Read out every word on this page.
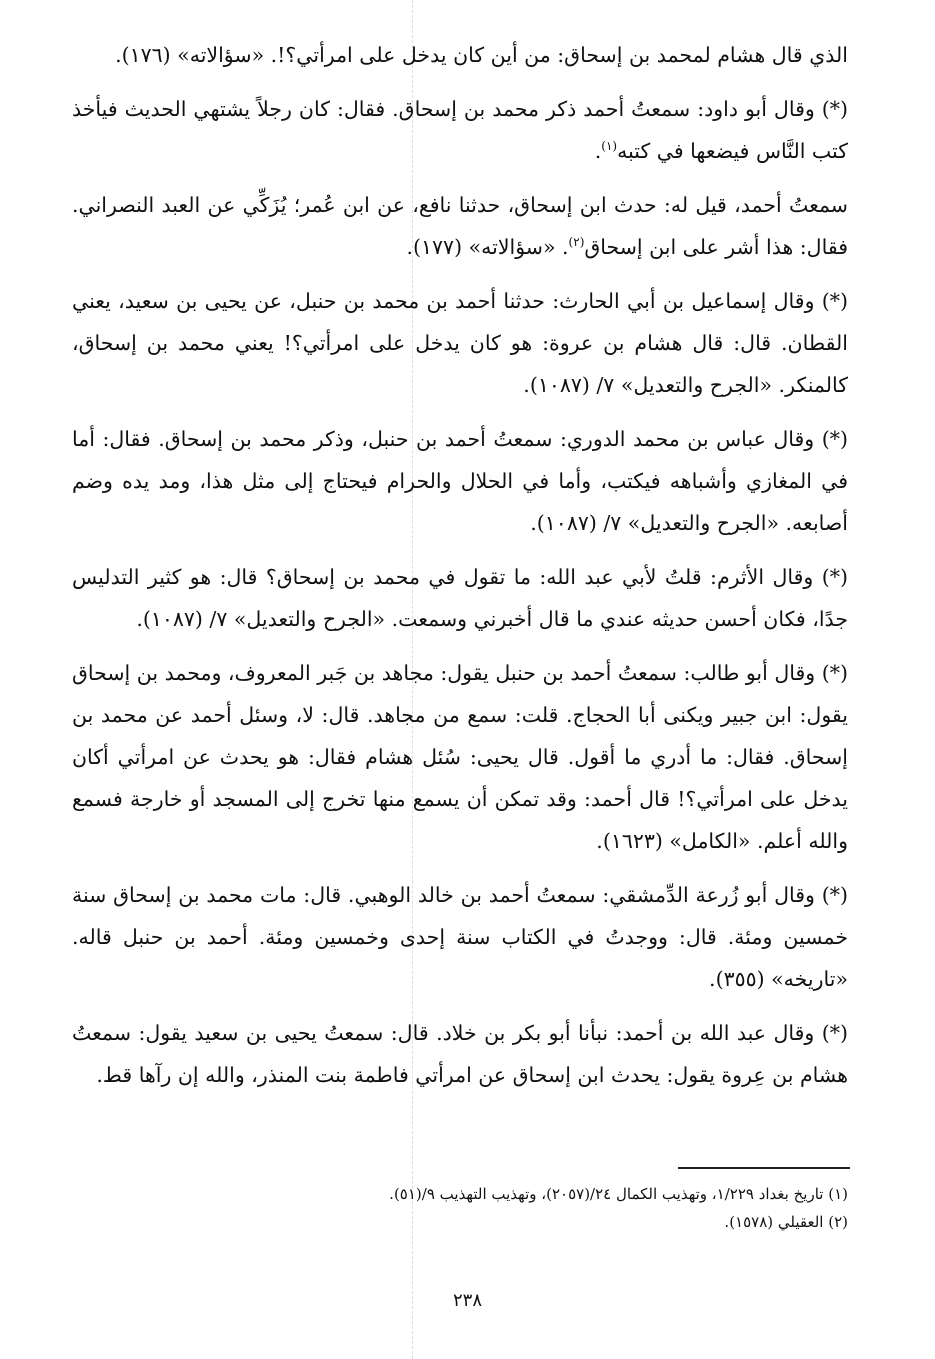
الذي قال هشام لمحمد بن إسحاق: من أين كان يدخل على امرأتي؟!. «سؤالاته» (١٧٦).

(*) وقال أبو داود: سمعتُ أحمد ذكر محمد بن إسحاق. فقال: كان رجلاً يشتهي الحديث فيأخذ كتب النَّاس فيضعها في كتبه$^{(١)}$.

سمعتُ أحمد، قيل له: حدث ابن إسحاق، حدثنا نافع، عن ابن عُمر؛ يُزَكِّي عن العبد النصراني. فقال: هذا أشر على ابن إسحاق$^{(٢)}$. «سؤالاته» (١٧٧).

(*) وقال إسماعيل بن أبي الحارث: حدثنا أحمد بن محمد بن حنبل، عن يحيى بن سعيد، يعني القطان. قال: قال هشام بن عروة: هو كان يدخل على امرأتي؟! يعني محمد بن إسحاق، كالمنكر. «الجرح والتعديل» ٧/ (١٠٨٧).

(*) وقال عباس بن محمد الدوري: سمعتُ أحمد بن حنبل، وذكر محمد بن إسحاق. فقال: أما في المغازي وأشباهه فيكتب، وأما في الحلال والحرام فيحتاج إلى مثل هذا، ومد يده وضم أصابعه. «الجرح والتعديل» ٧/ (١٠٨٧).

(*) وقال الأثرم: قلتُ لأبي عبد الله: ما تقول في محمد بن إسحاق؟ قال: هو كثير التدليس جدًا، فكان أحسن حديثه عندي ما قال أخبرني وسمعت. «الجرح والتعديل» ٧/ (١٠٨٧).

(*) وقال أبو طالب: سمعتُ أحمد بن حنبل يقول: مجاهد بن جَبر المعروف، ومحمد بن إسحاق يقول: ابن جبير ويكنى أبا الحجاج. قلت: سمع من مجاهد. قال: لا، وسئل أحمد عن محمد بن إسحاق. فقال: ما أدري ما أقول. قال يحيى: سُئل هشام فقال: هو يحدث عن امرأتي أكان يدخل على امرأتي؟! قال أحمد: وقد تمكن أن يسمع منها تخرج إلى المسجد أو خارجة فسمع والله أعلم. «الكامل» (١٦٢٣).

(*) وقال أبو زُرعة الدِّمشقي: سمعتُ أحمد بن خالد الوهبي. قال: مات محمد بن إسحاق سنة خمسين ومئة. قال: ووجدتُ في الكتاب سنة إحدى وخمسين ومئة. أحمد بن حنبل قاله. «تاريخه» (٣٥٥).

(*) وقال عبد الله بن أحمد: نبأنا أبو بكر بن خلاد. قال: سمعتُ يحيى بن سعيد يقول: سمعتُ هشام بن عِروة يقول: يحدث ابن إسحاق عن امرأتي فاطمة بنت المنذر، والله إن رآها قط.

(١) تاريخ بغداد ١/٢٢٩، وتهذيب الكمال ٢٤/(٢٠٥٧)، وتهذيب التهذيب ٩/(٥١).
(٢) العقيلي (١٥٧٨).
٢٣٨
